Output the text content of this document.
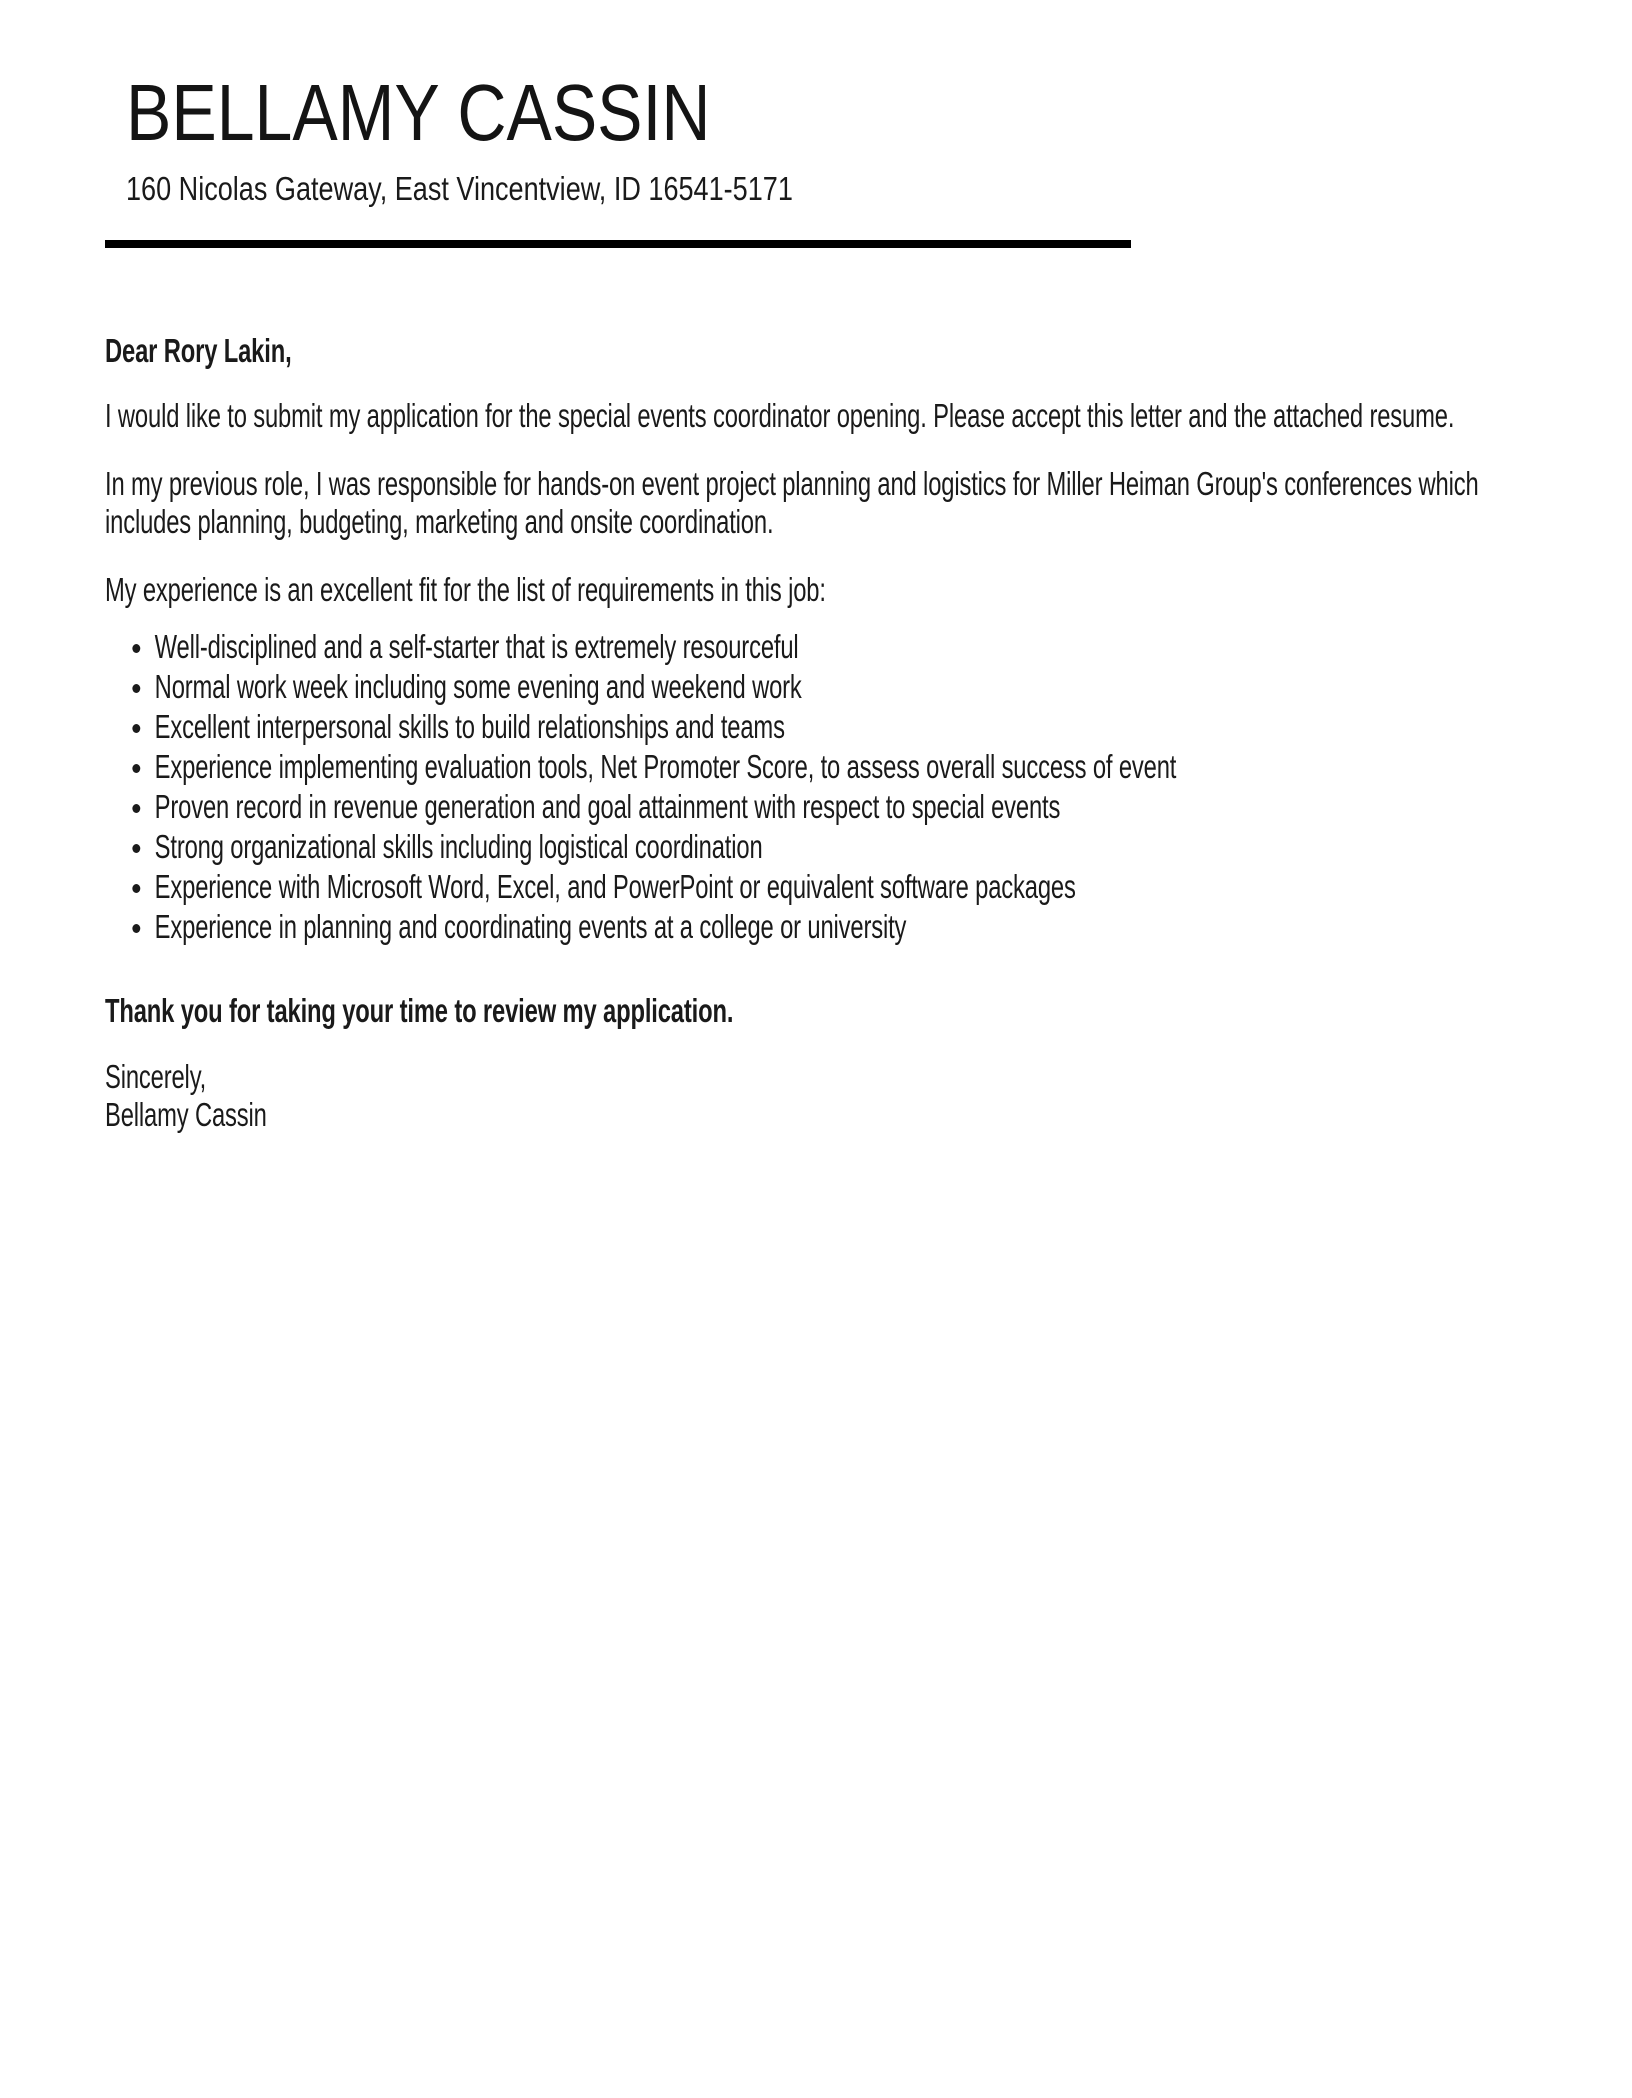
BELLAMY CASSIN
160 Nicolas Gateway, East Vincentview, ID 16541-5171

Dear Rory Lakin,

I would like to submit my application for the special events coordinator opening. Please accept this letter and the attached resume.

In my previous role, I was responsible for hands-on event project planning and logistics for Miller Heiman Group's conferences which includes planning, budgeting, marketing and onsite coordination.

My experience is an excellent fit for the list of requirements in this job:

Well-disciplined and a self-starter that is extremely resourceful
Normal work week including some evening and weekend work
Excellent interpersonal skills to build relationships and teams
Experience implementing evaluation tools, Net Promoter Score, to assess overall success of event
Proven record in revenue generation and goal attainment with respect to special events
Strong organizational skills including logistical coordination
Experience with Microsoft Word, Excel, and PowerPoint or equivalent software packages
Experience in planning and coordinating events at a college or university

Thank you for taking your time to review my application.

Sincerely,
Bellamy Cassin
